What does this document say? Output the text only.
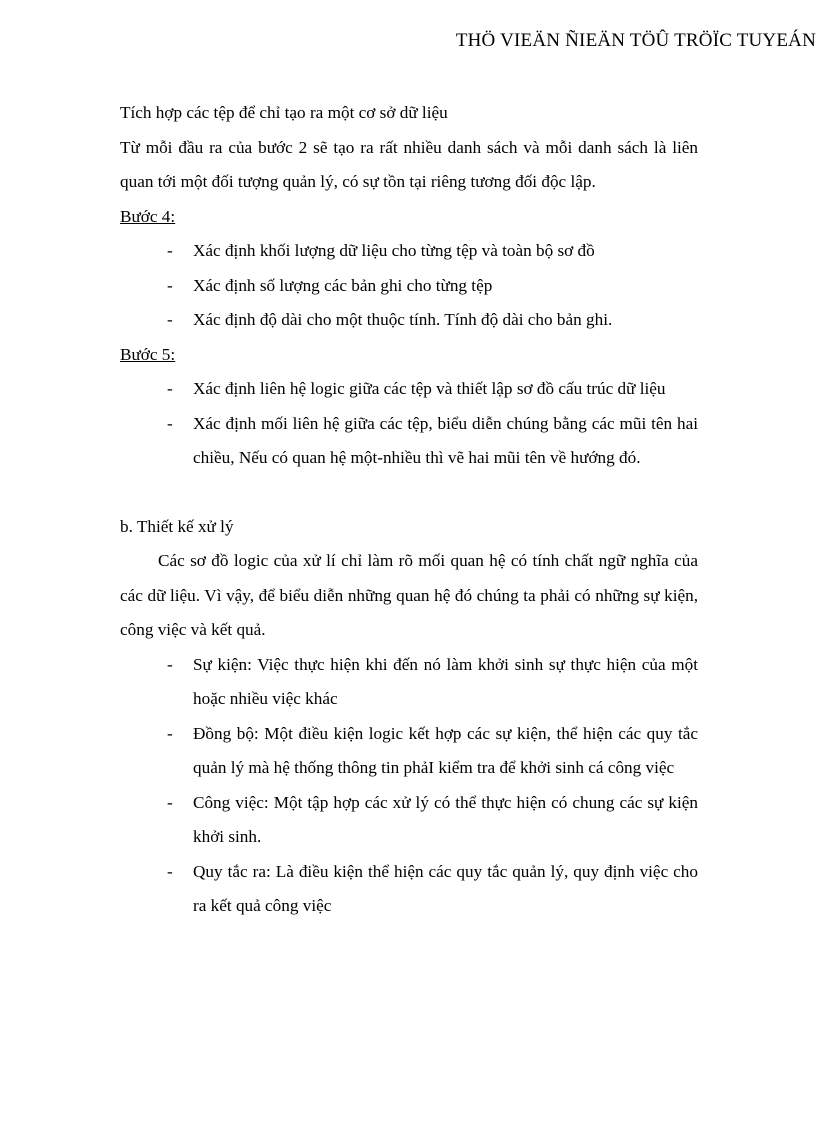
THÖ VIEÄN ÑIEÄN TÖÛ TRÖÏC TUYEÁN

Tích hợp các tệp để chỉ tạo ra một cơ sở dữ liệu

Từ mỗi đầu ra của bước 2 sẽ tạo ra rất nhiều danh sách và mỗi danh sách là liên quan tới một đối tượng quản lý, có sự tồn tại riêng tương đối độc lập.

Bước 4:

- Xác định khối lượng dữ liệu cho từng tệp và toàn bộ sơ đồ
- Xác định số lượng các bản ghi cho từng tệp
- Xác định độ dài cho một thuộc tính. Tính độ dài cho bản ghi.

Bước 5:

- Xác định liên hệ logic giữa các tệp và thiết lập sơ đồ cấu trúc dữ liệu
- Xác định mối liên hệ giữa các tệp, biểu diễn chúng bằng các mũi tên hai chiều, Nếu có quan hệ một-nhiều thì vẽ hai mũi tên về hướng đó.

b. Thiết kế xử lý

Các sơ đồ logic của xử lí chỉ làm rõ mối quan hệ có tính chất ngữ nghĩa của các dữ liệu. Vì vậy, để biểu diễn những quan hệ đó chúng ta phải có những sự kiện, công việc và kết quả.

- Sự kiện: Việc thực hiện khi đến nó làm khởi sinh sự thực hiện của một hoặc nhiều việc khác
- Đồng bộ: Một điều kiện logic kết hợp các sự kiện, thể hiện các quy tắc quản lý mà hệ thống thông tin phảI kiểm tra để khởi sinh cá công việc
- Công việc: Một tập hợp các xử lý có thể thực hiện có chung các sự kiện khởi sinh.
- Quy tắc ra: Là điều kiện thể hiện các quy tắc quản lý, quy định việc cho ra kết quả công việc
